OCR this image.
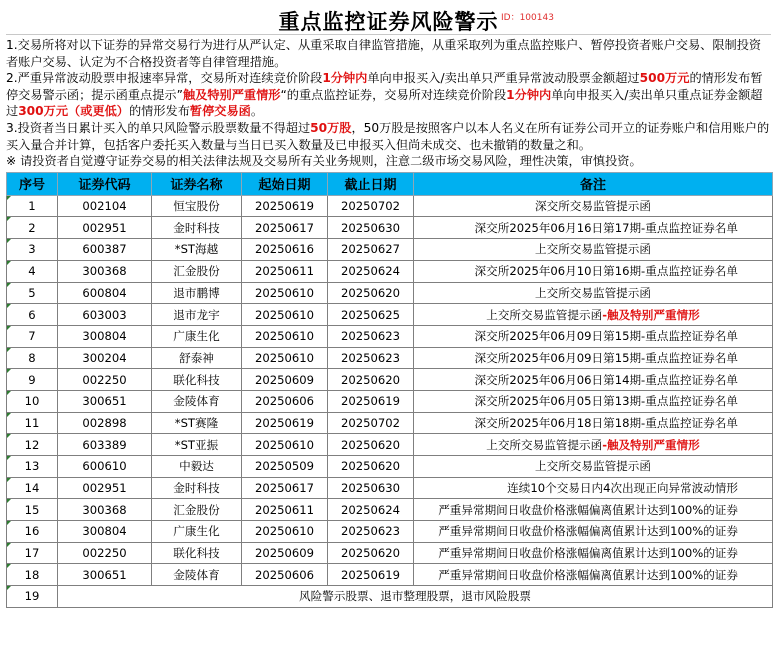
重点监控证券风险警示 ID：100143

1.交易所将对以下证券的异常交易行为进行从严认定、从重采取自律监管措施，从重采取列为重点监控账户、暂停投资者账户交易、限制投资者账户交易、认定为不合格投资者等自律管理措施。

2.严重异常波动股票申报速率异常，交易所对连续竞价阶段1分钟内单向申报买入/卖出单只严重异常波动股票金额超过500万元的情形发布暂停交易警示函；提示函重点提示”触及特别严重情形“的重点监控证券，交易所对连续竞价阶段1分钟内单向申报买入/卖出单只重点证券金额超过300万元（或更低）的情形发布暂停交易函。

3.投资者当日累计买入的单只风险警示股票数量不得超过50万股，50万股是按照客户以本人名义在所有证券公司开立的证券账户和信用账户的买入量合并计算，包括客户委托买入数量与当日已买入数量及已申报买入但尚未成交、也未撤销的数量之和。

※ 请投资者自觉遵守证券交易的相关法律法规及交易所有关业务规则，注意二级市场交易风险，理性决策，审慎投资。

序号	证券代码	证券名称	起始日期	截止日期	备注
1	002104	恒宝股份	20250619	20250702	深交所交易监管提示函
2	002951	金时科技	20250617	20250630	深交所2025年06月16日第17期-重点监控证券名单
3	600387	*ST海越	20250616	20250627	上交所交易监管提示函
4	300368	汇金股份	20250611	20250624	深交所2025年06月10日第16期-重点监控证券名单
5	600804	退市鹏博	20250610	20250620	上交所交易监管提示函
6	603003	退市龙宇	20250610	20250625	上交所交易监管提示函-触及特别严重情形
7	300804	广康生化	20250610	20250623	深交所2025年06月09日第15期-重点监控证券名单
8	300204	舒泰神	20250610	20250623	深交所2025年06月09日第15期-重点监控证券名单
9	002250	联化科技	20250609	20250620	深交所2025年06月06日第14期-重点监控证券名单
10	300651	金陵体育	20250606	20250619	深交所2025年06月05日第13期-重点监控证券名单
11	002898	*ST赛隆	20250619	20250702	深交所2025年06月18日第18期-重点监控证券名单
12	603389	*ST亚振	20250610	20250620	上交所交易监管提示函-触及特别严重情形
13	600610	中毅达	20250509	20250620	上交所交易监管提示函
14	002951	金时科技	20250617	20250630	连续10个交易日内4次出现正向异常波动情形
15	300368	汇金股份	20250611	20250624	严重异常期间日收盘价格涨幅偏离值累计达到100%的证券
16	300804	广康生化	20250610	20250623	严重异常期间日收盘价格涨幅偏离值累计达到100%的证券
17	002250	联化科技	20250609	20250620	严重异常期间日收盘价格涨幅偏离值累计达到100%的证券
18	300651	金陵体育	20250606	20250619	严重异常期间日收盘价格涨幅偏离值累计达到100%的证券
19	风险警示股票、退市整理股票，退市风险股票				
